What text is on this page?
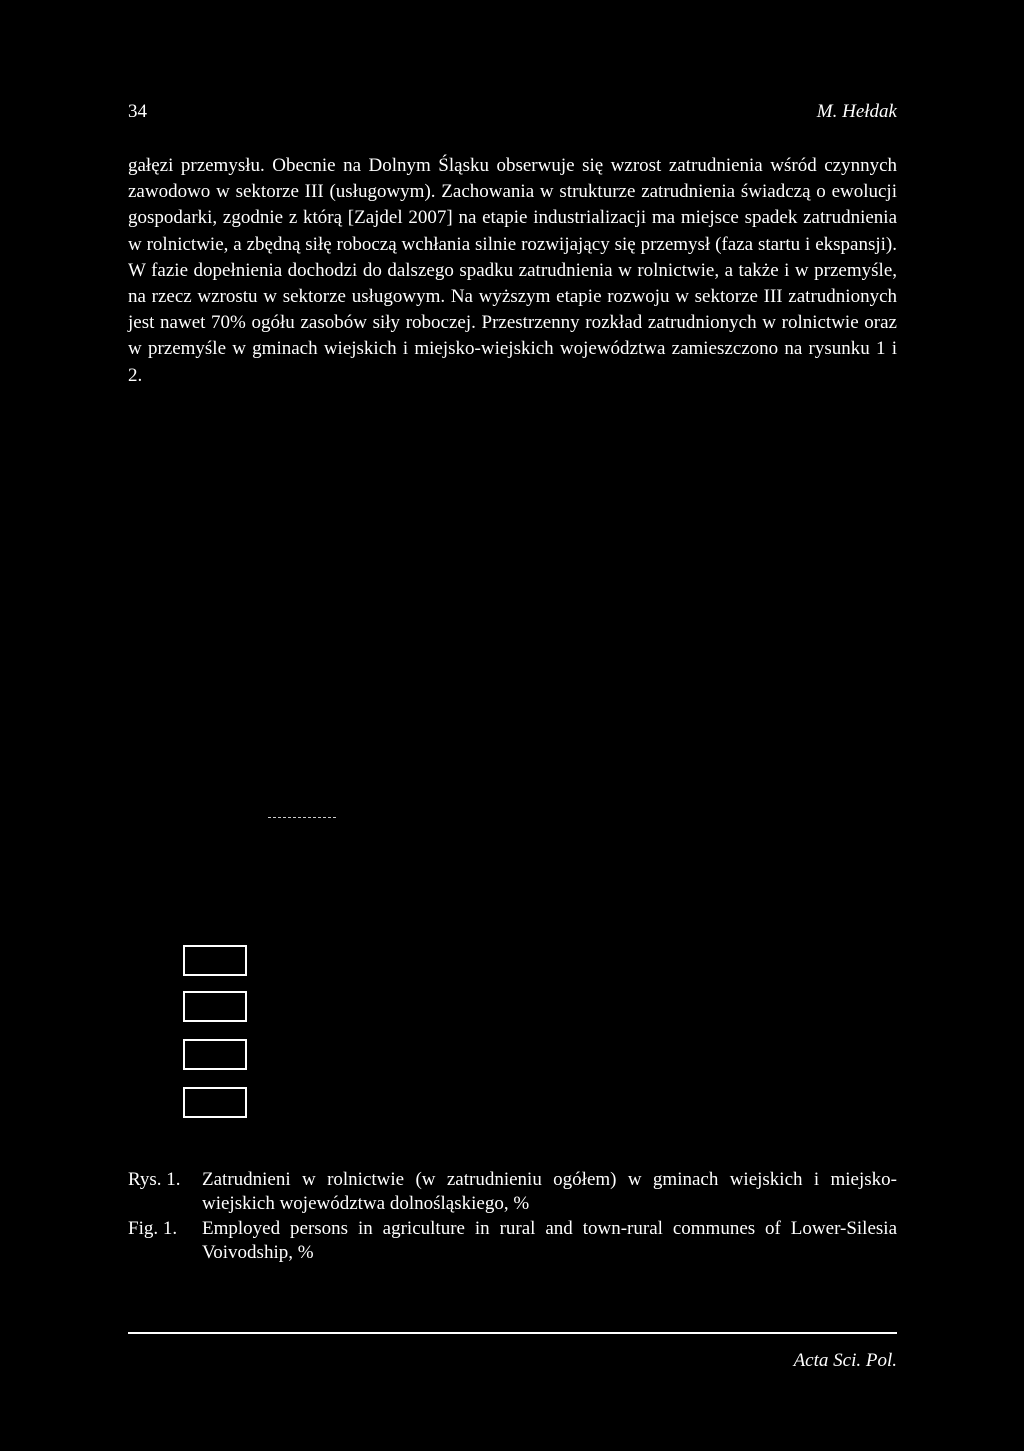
34	M. Hełdak

gałęzi przemysłu. Obecnie na Dolnym Śląsku obserwuje się wzrost zatrudnienia wśród czynnych zawodowo w sektorze III (usługowym). Zachowania w strukturze zatrudnienia świadczą o ewolucji gospodarki, zgodnie z którą [Zajdel 2007] na etapie industrializacji ma miejsce spadek zatrudnienia w rolnictwie, a zbędną siłę roboczą wchłania silnie rozwijający się przemysł (faza startu i ekspansji). W fazie dopełnienia dochodzi do dalszego spadku zatrudnienia w rolnictwie, a także i w przemyśle, na rzecz wzrostu w sektorze usługowym. Na wyższym etapie rozwoju w sektorze III zatrudnionych jest nawet 70% ogółu zasobów siły roboczej. Przestrzenny rozkład zatrudnionych w rolnictwie oraz w przemyśle w gminach wiejskich i miejsko-wiejskich województwa zamieszczono na rysunku 1 i 2.

Rys. 1.	Zatrudnieni w rolnictwie (w zatrudnieniu ogółem) w gminach wiejskich i miejsko-wiejskich województwa dolnośląskiego, %
Fig. 1.	Employed persons in agriculture in rural and town-rural communes of Lower-Silesia Voivodship, %
Acta Sci. Pol.
